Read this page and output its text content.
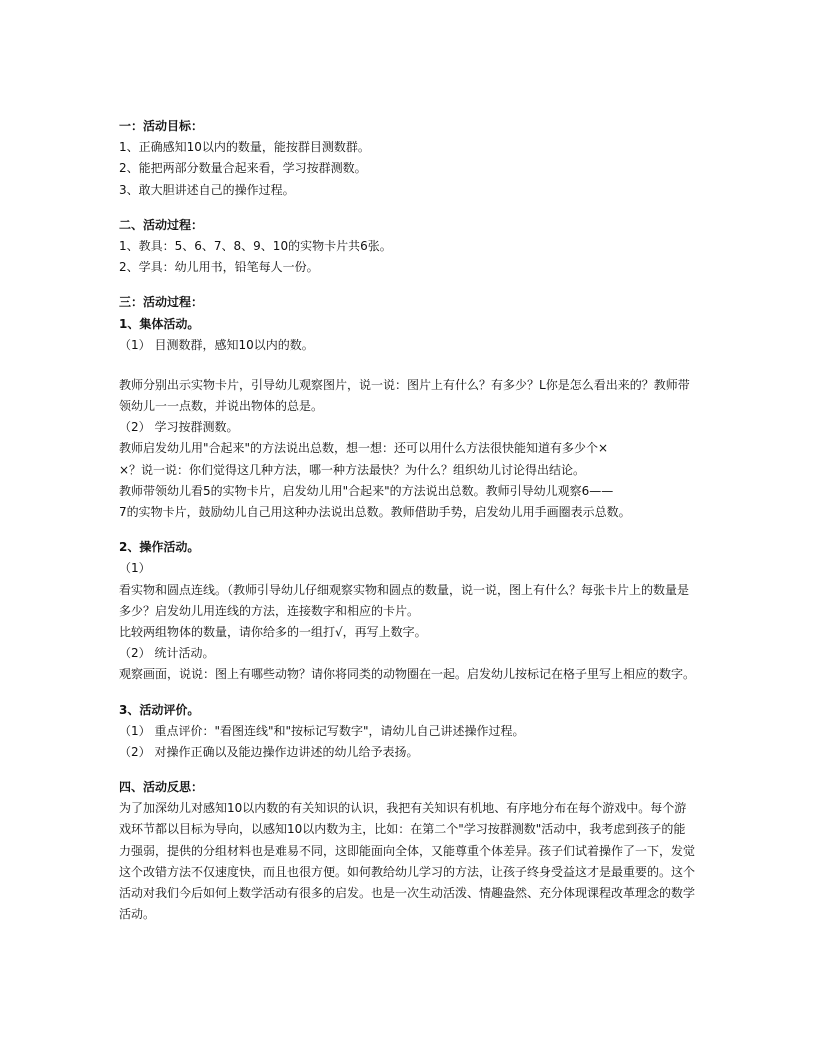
一：活动目标：
1、正确感知10以内的数量，能按群目测数群。
2、能把两部分数量合起来看，学习按群测数。
3、敢大胆讲述自己的操作过程。
二、活动过程：
1、教具：5、6、7、8、9、10的实物卡片共6张。
2、学具：幼儿用书，铅笔每人一份。
三：活动过程：
1、集体活动。
（1） 目测数群，感知10以内的数。
教师分别出示实物卡片，引导幼儿观察图片，说一说：图片上有什么？有多少？L你是怎么看出来的？教师带
领幼儿一一点数，并说出物体的总是。
（2） 学习按群测数。
教师启发幼儿用"合起来"的方法说出总数，想一想：还可以用什么方法很快能知道有多少个×
×？说一说：你们觉得这几种方法，哪一种方法最快？为什么？组织幼儿讨论得出结论。
教师带领幼儿看5的实物卡片，启发幼儿用"合起来"的方法说出总数。教师引导幼儿观察6——
7的实物卡片，鼓励幼儿自己用这种办法说出总数。教师借助手势，启发幼儿用手画圈表示总数。
2、操作活动。
（1）
看实物和圆点连线。（教师引导幼儿仔细观察实物和圆点的数量，说一说，图上有什么？每张卡片上的数量是
多少？启发幼儿用连线的方法，连接数字和相应的卡片。
比较两组物体的数量，请你给多的一组打√，再写上数字。
（2） 统计活动。
观察画面，说说：图上有哪些动物？请你将同类的动物圈在一起。启发幼儿按标记在格子里写上相应的数字。
3、活动评价。
（1） 重点评价："看图连线"和"按标记写数字"，请幼儿自己讲述操作过程。
（2） 对操作正确以及能边操作边讲述的幼儿给予表扬。
四、活动反思：
为了加深幼儿对感知10以内数的有关知识的认识，我把有关知识有机地、有序地分布在每个游戏中。每个游
戏环节都以目标为导向，以感知10以内数为主，比如：在第二个"学习按群测数"活动中，我考虑到孩子的能
力强弱，提供的分组材料也是难易不同，这即能面向全体，又能尊重个体差异。孩子们试着操作了一下，发觉
这个改错方法不仅速度快，而且也很方便。如何教给幼儿学习的方法，让孩子终身受益这才是最重要的。这个
活动对我们今后如何上数学活动有很多的启发。也是一次生动活泼、情趣盎然、充分体现课程改革理念的数学
活动。
